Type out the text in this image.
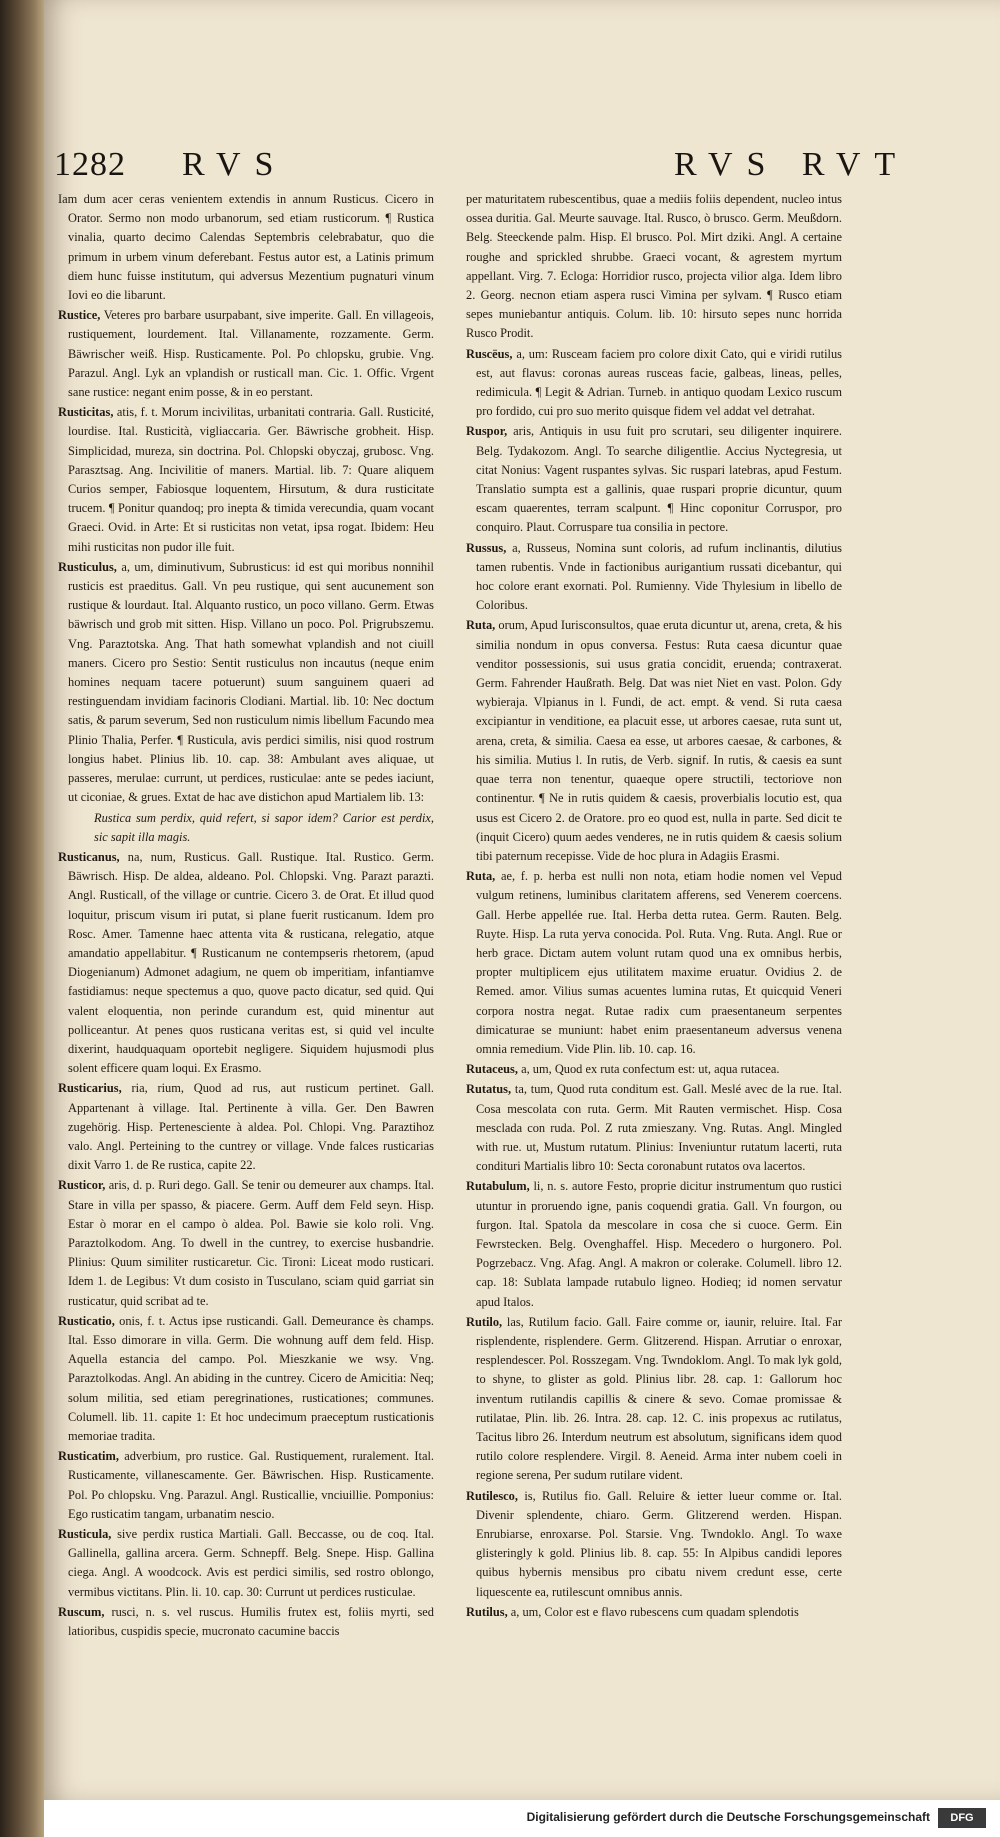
1282 RVS	RVS RVT

Iam dum acer ceras venientem extendis in annum Rusticus. Cicero in Orator. Sermo non modo urbanorum, sed etiam rusticorum. ¶ Rustica vinalia, quarto decimo Calendas Septembris celebrabatur, quo die primum in urbem vinum deferebant. Festus autor est, a Latinis primum diem hunc fuisse institutum, qui adversus Mezentium pugnaturi vinum Iovi eo die libarunt.

Rustice, Veteres pro barbare usurpabant, sive imperite. Gall. En villageois, rustiquement, lourdement. Ital. Villanamente, rozzamente. Germ. Bäwrischer weiß. Hisp. Rusticamente. Pol. Po chlopsku, grubie. Vng. Parazul. Angl. Lyk an vplandish or rusticall man. Cic. 1. Offic. Vrgent sane rustice: negant enim posse, & in eo perstant.

Rusticitas, atis, f. t. Morum incivilitas, urbanitati contraria. Gall. Rusticité, lourdise. Ital. Rusticità, vigliaccaria. Ger. Bäwrische grobheit. Hisp. Simplicidad, mureza, sin doctrina. Pol. Chlopski obyczaj, grubosc. Vng. Parasztsag. Ang. Incivilitie of maners. Martial. lib. 7: Quare aliquem Curios semper, Fabiosque loquentem, Hirsutum, & dura rusticitate trucem. ¶ Ponitur quandoq; pro inepta & timida verecundia, quam vocant Graeci. Ovid. in Arte: Et si rusticitas non vetat, ipsa rogat. Ibidem: Heu mihi rusticitas non pudor ille fuit.

Rusticulus, a, um, diminutivum, Subrusticus: id est qui moribus nonnihil rusticis est praeditus. Gall. Vn peu rustique, qui sent aucunement son rustique & lourdaut. Ital. Alquanto rustico, un poco villano. Germ. Etwas bäwrisch und grob mit sitten. Hisp. Villano un poco. Pol. Prigrubszemu. Vng. Paraztotska. Ang. That hath somewhat vplandish and not ciuill maners. Cicero pro Sestio: Sentit rusticulus non incautus (neque enim homines nequam tacere potuerunt) suum sanguinem quaeri ad restinguendam invidiam facinoris Clodiani. Martial. lib. 10: Nec doctum satis, & parum severum, Sed non rusticulum nimis libellum Facundo mea Plinio Thalia, Perfer. ¶ Rusticula, avis perdici similis, nisi quod rostrum longius habet. Plinius lib. 10. cap. 38: Ambulant aves aliquae, ut passeres, merulae: currunt, ut perdices, rusticulae: ante se pedes iaciunt, ut ciconiae, & grues. Extat de hac ave distichon apud Martialem lib. 13:

Rustica sum perdix, quid refert, si sapor idem? Carior est perdix, sic sapit illa magis.

Rusticanus, na, num, Rusticus. Gall. Rustique. Ital. Rustico. Germ. Bäwrisch. Hisp. De aldea, aldeano. Pol. Chlopski. Vng. Parazt parazti. Angl. Rusticall, of the village or cuntrie. Cicero 3. de Orat. Et illud quod loquitur, priscum visum iri putat, si plane fuerit rusticanum. Idem pro Rosc. Amer. Tamenne haec attenta vita & rusticana, relegatio, atque amandatio appellabitur. ¶ Rusticanum ne contempseris rhetorem, (apud Diogenianum) Admonet adagium, ne quem ob imperitiam, infantiamve fastidiamus: neque spectemus a quo, quove pacto dicatur, sed quid. Qui valent eloquentia, non perinde curandum est, quid minentur aut polliceantur. At penes quos rusticana veritas est, si quid vel inculte dixerint, haudquaquam oportebit negligere. Siquidem hujusmodi plus solent efficere quam loqui. Ex Erasmo.

Rusticarius, ria, rium, Quod ad rus, aut rusticum pertinet. Gall. Appartenant à village. Ital. Pertinente à villa. Ger. Den Bawren zugehörig. Hisp. Pertenesciente à aldea. Pol. Chlopi. Vng. Paraztihoz valo. Angl. Perteining to the cuntrey or village. Vnde falces rusticarias dixit Varro 1. de Re rustica, capite 22.

Rusticor, aris, d. p. Ruri dego. Gall. Se tenir ou demeurer aux champs. Ital. Stare in villa per spasso, & piacere. Germ. Auff dem Feld seyn. Hisp. Estar ò morar en el campo ò aldea. Pol. Bawie sie kolo roli. Vng. Paraztolkodom. Ang. To dwell in the cuntrey, to exercise husbandrie. Plinius: Quum similiter rusticaretur. Cic. Tironi: Liceat modo rusticari. Idem 1. de Legibus: Vt dum cosisto in Tusculano, sciam quid garriat sin rusticatur, quid scribat ad te.

Rusticatio, onis, f. t. Actus ipse rusticandi. Gall. Demeurance ès champs. Ital. Esso dimorare in villa. Germ. Die wohnung auff dem feld. Hisp. Aquella estancia del campo. Pol. Mieszkanie we wsy. Vng. Paraztolkodas. Angl. An abiding in the cuntrey. Cicero de Amicitia: Neq; solum militia, sed etiam peregrinationes, rusticationes; communes. Columell. lib. 11. capite 1: Et hoc undecimum praeceptum rusticationis memoriae tradita.

Rusticatim, adverbium, pro rustice. Gal. Rustiquement, ruralement. Ital. Rusticamente, villanescamente. Ger. Bäwrischen. Hisp. Rusticamente. Pol. Po chlopsku. Vng. Parazul. Angl. Rusticallie, vnciuillie. Pomponius: Ego rusticatim tangam, urbanatim nescio.

Rusticula, sive perdix rustica Martiali. Gall. Beccasse, ou de coq. Ital. Gallinella, gallina arcera. Germ. Schnepff. Belg. Snepe. Hisp. Gallina ciega. Angl. A woodcock. Avis est perdici similis, sed rostro oblongo, vermibus victitans. Plin. li. 10. cap. 30: Currunt ut perdices rusticulae.

Ruscum, rusci, n. s. vel ruscus. Humilis frutex est, foliis myrti, sed latioribus, cuspidis specie, mucronato cacumine baccis

per maturitatem rubescentibus, quae a mediis foliis dependent, nucleo intus ossea duritia. Gal. Meurte sauvage. Ital. Rusco, ò brusco. Germ. Meußdorn. Belg. Steeckende palm. Hisp. El brusco. Pol. Mirt dziki. Angl. A certaine roughe and sprickled shrubbe. Graeci vocant, & agrestem myrtum appellant. Virg. 7. Ecloga: Horridior rusco, projecta vilior alga. Idem libro 2. Georg. necnon etiam aspera rusci Vimina per sylvam. ¶ Rusco etiam sepes muniebantur antiquis. Colum. lib. 10: hirsuto sepes nunc horrida Rusco Prodit.

Ruscëus, a, um: Rusceam faciem pro colore dixit Cato, qui e viridi rutilus est, aut flavus: coronas aureas rusceas facie, galbeas, lineas, pelles, redimicula. ¶ Legit & Adrian. Turneb. in antiquo quodam Lexico ruscum pro fordido, cui pro suo merito quisque fidem vel addat vel detrahat.

Ruspor, aris, Antiquis in usu fuit pro scrutari, seu diligenter inquirere. Belg. Tydakozom. Angl. To searche diligentlie. Accius Nyctegresia, ut citat Nonius: Vagent ruspantes sylvas. Sic ruspari latebras, apud Festum. Translatio sumpta est a gallinis, quae ruspari proprie dicuntur, quum escam quaerentes, terram scalpunt. ¶ Hinc coponitur Corruspor, pro conquiro. Plaut. Corruspare tua consilia in pectore.

Russus, a, Russeus, Nomina sunt coloris, ad rufum inclinantis, dilutius tamen rubentis. Vnde in factionibus aurigantium russati dicebantur, qui hoc colore erant exornati. Pol. Rumienny. Vide Thylesium in libello de Coloribus.

Ruta, orum, Apud Iurisconsultos, quae eruta dicuntur ut, arena, creta, & his similia nondum in opus conversa. Festus: Ruta caesa dicuntur quae venditor possessionis, sui usus gratia concidit, eruenda; contraxerat. Germ. Fahrender Haußrath. Belg. Dat was niet Niet en vast. Polon. Gdy wybieraja. Vlpianus in l. Fundi, de act. empt. & vend. Si ruta caesa excipiantur in venditione, ea placuit esse, ut arbores caesae, ruta sunt ut, arena, creta, & similia. Caesa ea esse, ut arbores caesae, & carbones, & his similia. Mutius l. In rutis, de Verb. signif. In rutis, & caesis ea sunt quae terra non tenentur, quaeque opere structili, tectoriove non continentur. ¶ Ne in rutis quidem & caesis, proverbialis locutio est, qua usus est Cicero 2. de Oratore. pro eo quod est, nulla in parte. Sed dicit te (inquit Cicero) quum aedes venderes, ne in rutis quidem & caesis solium tibi paternum recepisse. Vide de hoc plura in Adagiis Erasmi.

Ruta, ae, f. p. herba est nulli non nota, etiam hodie nomen vel Vepud vulgum retinens, luminibus claritatem afferens, sed Venerem coercens. Gall. Herbe appellée rue. Ital. Herba detta rutea. Germ. Rauten. Belg. Ruyte. Hisp. La ruta yerva conocida. Pol. Ruta. Vng. Ruta. Angl. Rue or herb grace. Dictam autem volunt rutam quod una ex omnibus herbis, propter multiplicem ejus utilitatem maxime eruatur. Ovidius 2. de Remed. amor. Vilius sumas acuentes lumina rutas, Et quicquid Veneri corpora nostra negat. Rutae radix cum praesentaneum serpentes dimicaturae se muniunt: habet enim praesentaneum adversus venena omnia remedium. Vide Plin. lib. 10. cap. 16.

Rutaceus, a, um, Quod ex ruta confectum est: ut, aqua rutacea.

Rutatus, ta, tum, Quod ruta conditum est. Gall. Meslé avec de la rue. Ital. Cosa mescolata con ruta. Germ. Mit Rauten vermischet. Hisp. Cosa mesclada con ruda. Pol. Z ruta zmieszany. Vng. Rutas. Angl. Mingled with rue. ut, Mustum rutatum. Plinius: Inveniuntur rutatum lacerti, ruta condituri Martialis libro 10: Secta coronabunt rutatos ova lacertos.

Rutabulum, li, n. s. autore Festo, proprie dicitur instrumentum quo rustici utuntur in proruendo igne, panis coquendi gratia. Gall. Vn fourgon, ou furgon. Ital. Spatola da mescolare in cosa che si cuoce. Germ. Ein Fewrstecken. Belg. Ovenghaffel. Hisp. Mecedero o hurgonero. Pol. Pogrzebacz. Vng. Afag. Angl. A makron or colerake. Columell. libro 12. cap. 18: Sublata lampade rutabulo ligneo. Hodieq; id nomen servatur apud Italos.

Rutilo, las, Rutilum facio. Gall. Faire comme or, iaunir, reluire. Ital. Far risplendente, risplendere. Germ. Glitzerend. Hispan. Arrutiar o enroxar, resplendescer. Pol. Rosszegam. Vng. Twndoklom. Angl. To mak lyk gold, to shyne, to glister as gold. Plinius libr. 28. cap. 1: Gallorum hoc inventum rutilandis capillis & cinere & sevo. Comae promissae & rutilatae, Plin. lib. 26. Intra. 28. cap. 12. C. inis propexus ac rutilatus, Tacitus libro 26. Interdum neutrum est absolutum, significans idem quod rutilo colore resplendere. Virgil. 8. Aeneid. Arma inter nubem coeli in regione serena, Per sudum rutilare vident.

Rutilesco, is, Rutilus fio. Gall. Reluire & ietter lueur comme or. Ital. Divenir splendente, chiaro. Germ. Glitzerend werden. Hispan. Enrubiarse, enroxarse. Pol. Starsie. Vng. Twndoklo. Angl. To waxe glisteringly k gold. Plinius lib. 8. cap. 55: In Alpibus candidi lepores quibus hybernis mensibus pro cibatu nivem credunt esse, certe liquescente ea, rutilescunt omnibus annis.

Rutilus, a, um, Color est e flavo rubescens cum quadam splendotis

Digitalisierung gefördert durch die Deutsche Forschungsgemeinschaft	DFG
